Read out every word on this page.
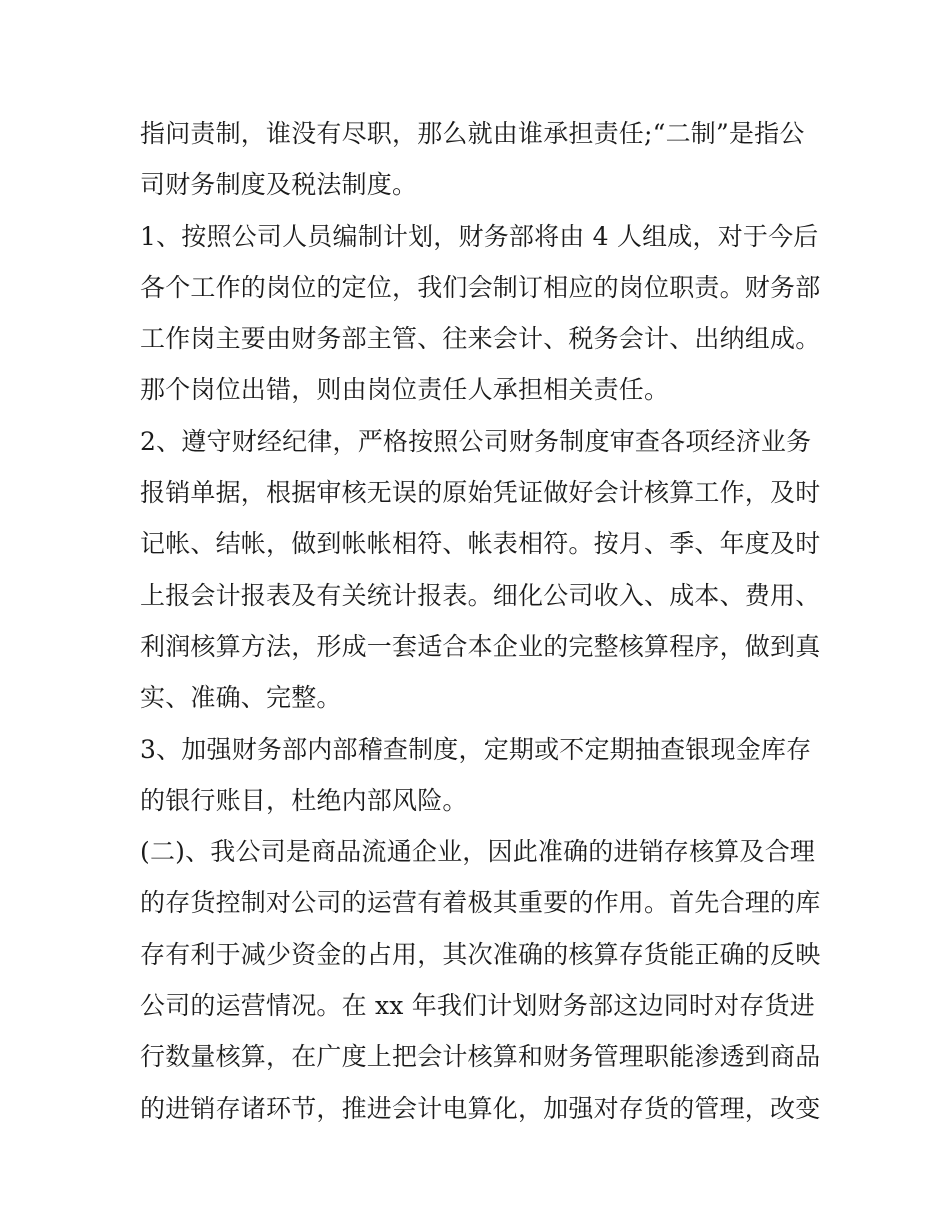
指问责制，谁没有尽职，那么就由谁承担责任;“二制”是指公
司财务制度及税法制度。
1、按照公司人员编制计划，财务部将由 4 人组成，对于今后
各个工作的岗位的定位，我们会制订相应的岗位职责。财务部
工作岗主要由财务部主管、往来会计、税务会计、出纳组成。
那个岗位出错，则由岗位责任人承担相关责任。
2、遵守财经纪律，严格按照公司财务制度审查各项经济业务
报销单据，根据审核无误的原始凭证做好会计核算工作，及时
记帐、结帐，做到帐帐相符、帐表相符。按月、季、年度及时
上报会计报表及有关统计报表。细化公司收入、成本、费用、
利润核算方法，形成一套适合本企业的完整核算程序，做到真
实、准确、完整。
3、加强财务部内部稽查制度，定期或不定期抽查银现金库存
的银行账目，杜绝内部风险。
(二)、我公司是商品流通企业，因此准确的进销存核算及合理
的存货控制对公司的运营有着极其重要的作用。首先合理的库
存有利于减少资金的占用，其次准确的核算存货能正确的反映
公司的运营情况。在 xx 年我们计划财务部这边同时对存货进
行数量核算，在广度上把会计核算和财务管理职能渗透到商品
的进销存诸环节，推进会计电算化，加强对存货的管理，改变
